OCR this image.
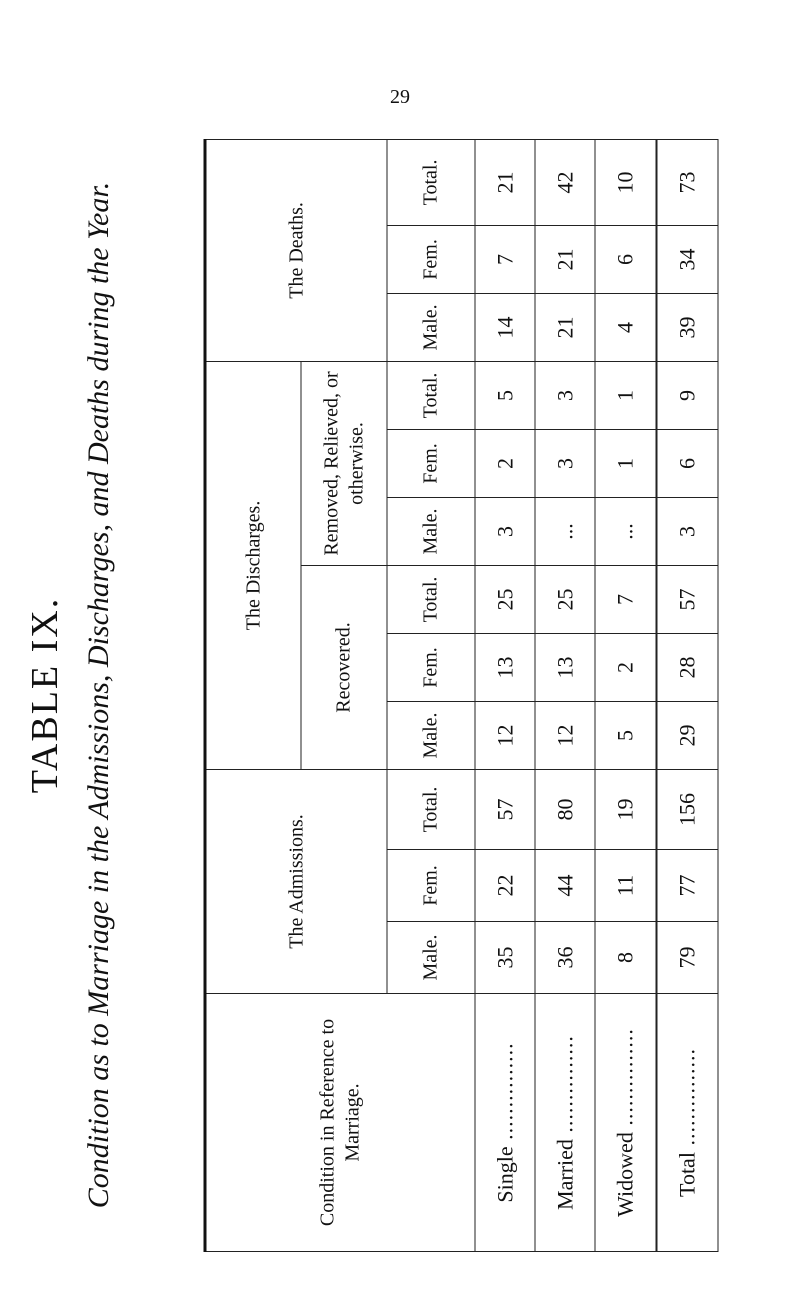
29
TABLE IX. Condition as to Marriage in the Admissions, Discharges, and Deaths during the Year.	Condition in Reference to Marriage.	The Admissions.			The Discharges.						The Deaths.		
				Recovered.			Removed, Relieved, or otherwise.					
	Male.	Fem.	Total.	Male.	Fem.	Total.	Male.	Fem.	Total.	Male.	Fem.	Total.
Single .....	35	22	57	12	13	25	3	2	5	14	7	21
Married .....	36	44	80	12	13	25	...	3	3	21	21	42
Widowed .....	8	11	19	5	2	7	...	1	1	4	6	10
Total .....	79	77	156	29	28	57	3	6	9	39	34	73
